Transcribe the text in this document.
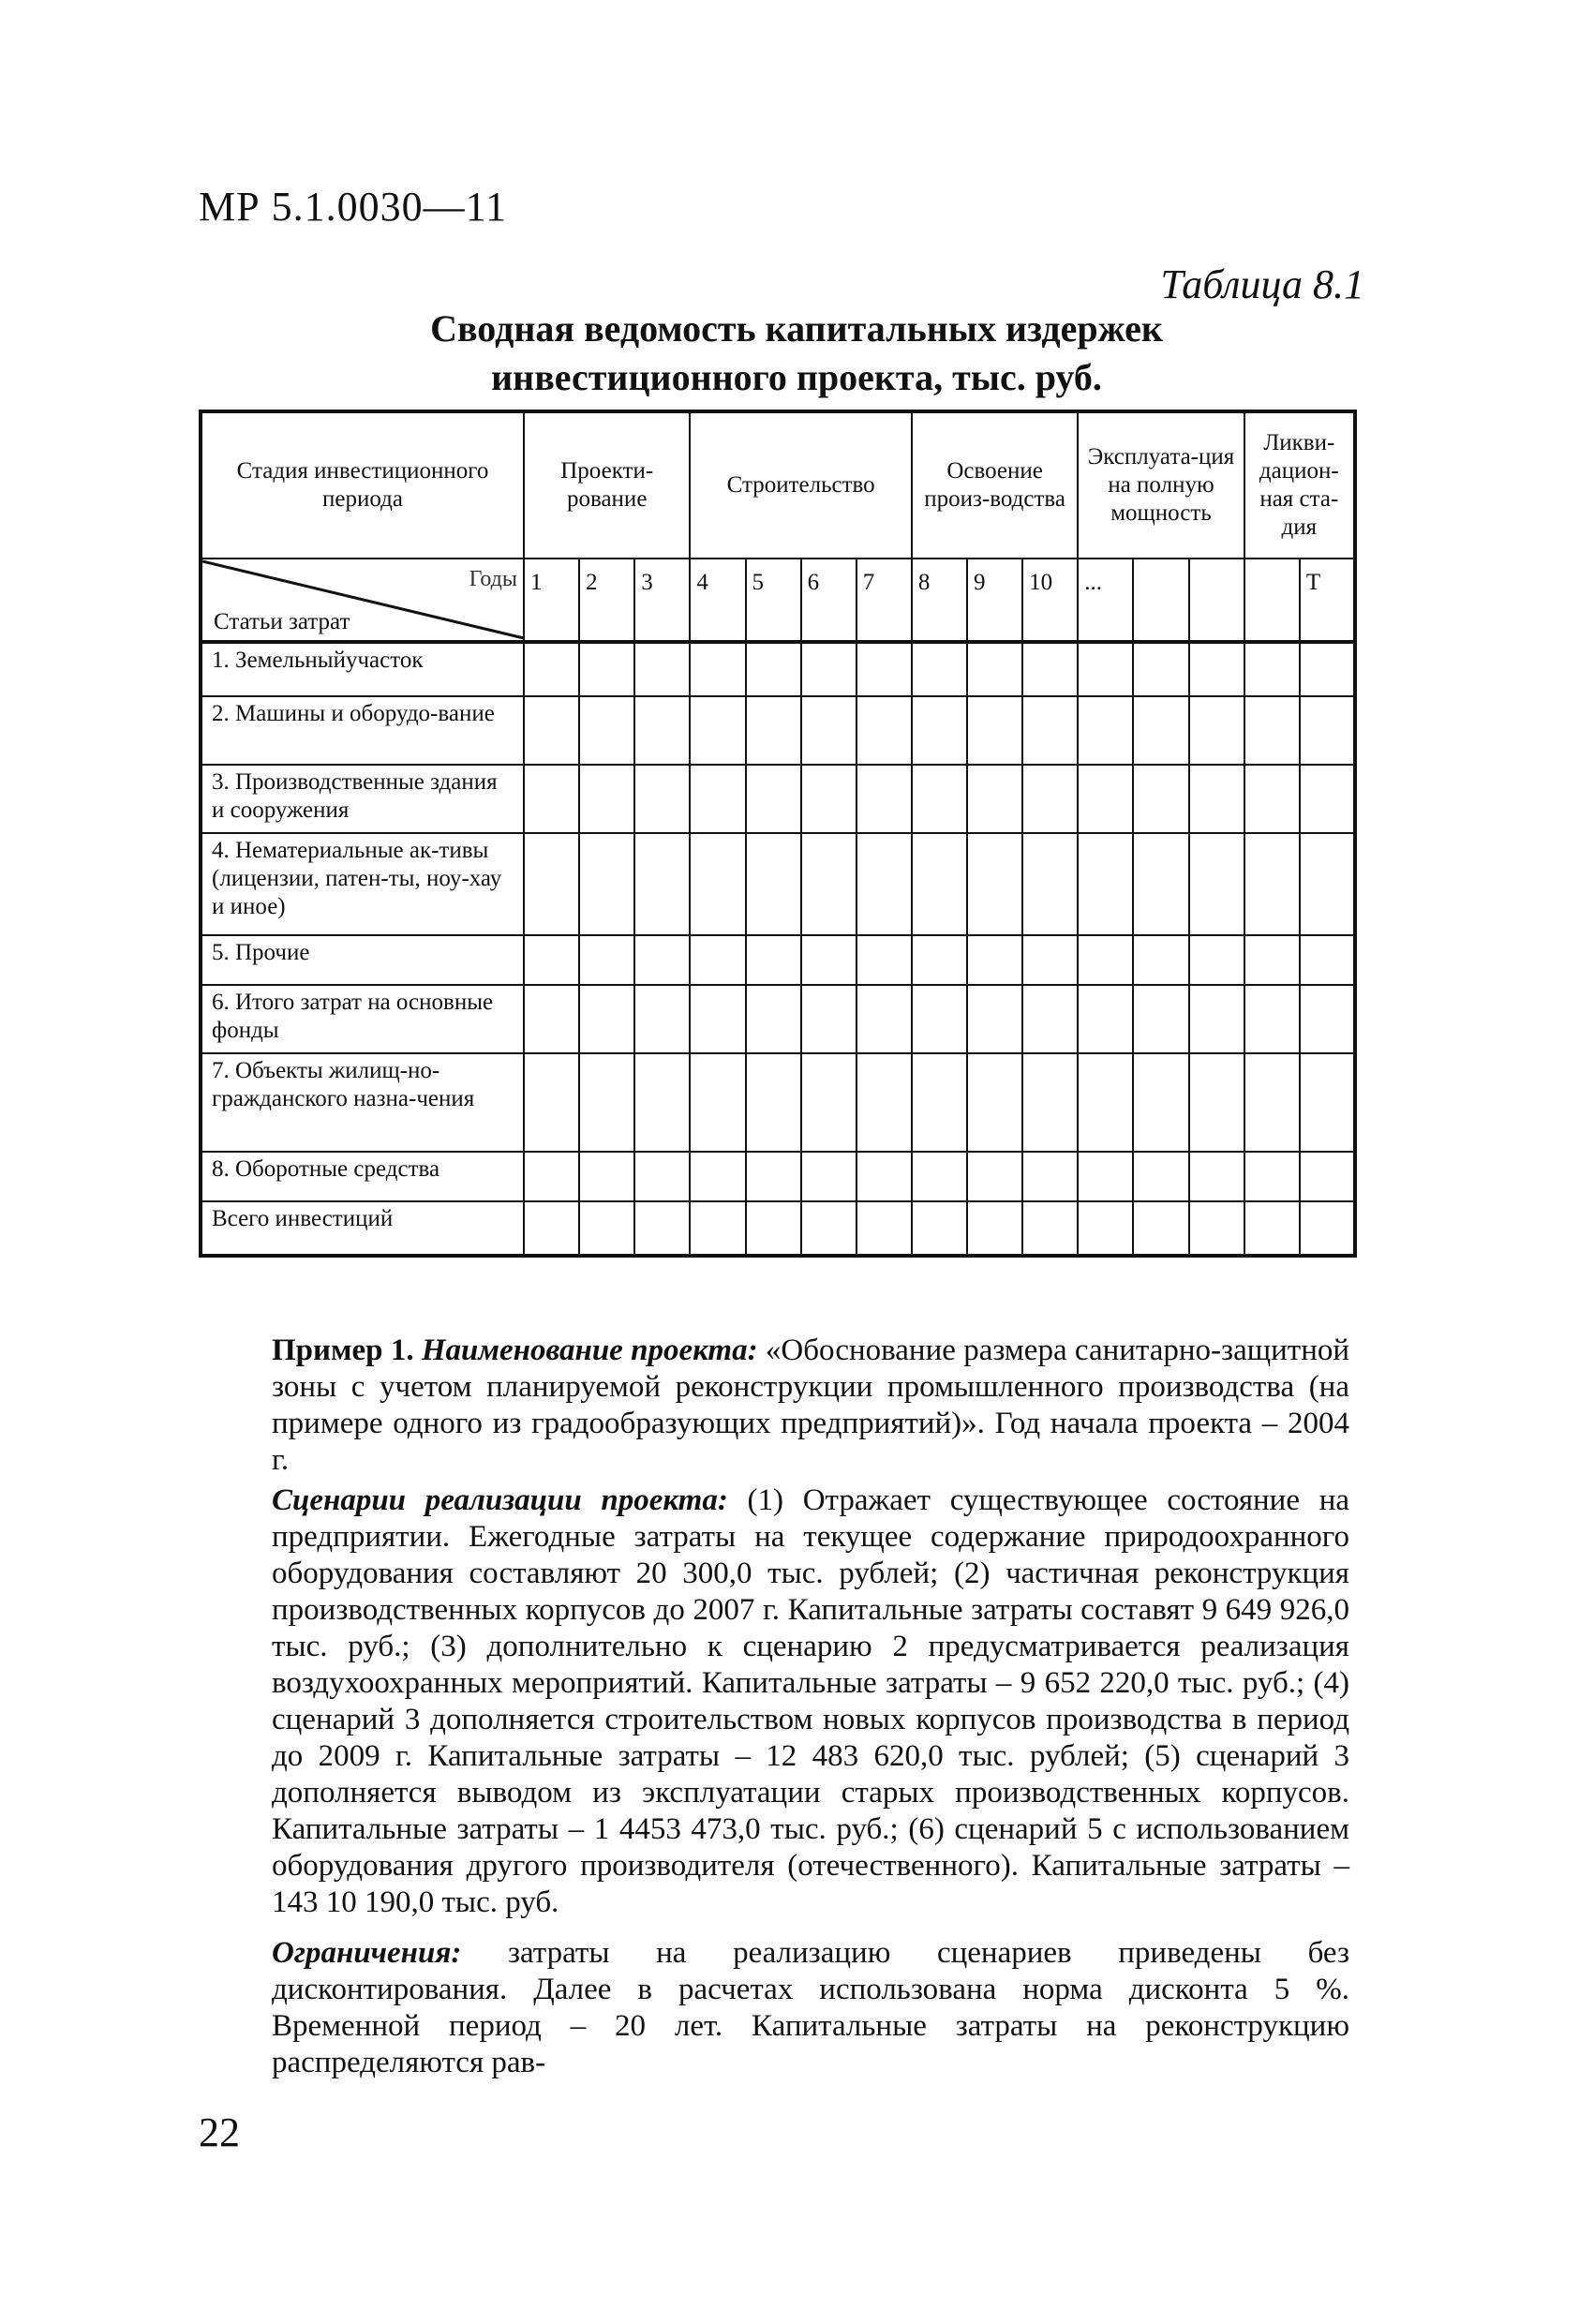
МР 5.1.0030—11
Таблица 8.1
Сводная ведомость капитальных издержек
инвестиционного проекта, тыс. руб.
Стадия инвестиционного периода	Проекти-рование			Строительство				Освоение произ-водства			Эксплуата-ция на полную мощность			Ликви-дацион-ная ста-дия	

Годы
Статьи затрат	1	2	3	4	5	6	7	8	9	10	...				T
1. Земельныйучасток															
2. Машины и оборудо-вание															
3. Производственные здания и сооружения															
4. Нематериальные ак-тивы (лицензии, патен-ты, ноу-хау и иное)															
5. Прочие															
6. Итого затрат на основные фонды															
7. Объекты жилищ-но-гражданского назна-чения															
8. Оборотные средства															
Всего инвестиций															

Пример 1. Наименование проекта: «Обоснование размера санитарно-защитной зоны с учетом планируемой реконструкции промышленного производства (на примере одного из градообразующих предприятий)». Год начала проекта – 2004 г.

Сценарии реализации проекта: (1) Отражает существующее состояние на предприятии. Ежегодные затраты на текущее содержание природоохранного оборудования составляют 20 300,0 тыс. рублей; (2) частичная реконструкция производственных корпусов до 2007 г. Капитальные затраты составят 9 649 926,0 тыс. руб.; (3) дополнительно к сценарию 2 предусматривается реализация воздухоохранных мероприятий. Капитальные затраты – 9 652 220,0 тыс. руб.; (4) сценарий 3 дополняется строительством новых корпусов производства в период до 2009 г. Капитальные затраты – 12 483 620,0 тыс. рублей; (5) сценарий 3 дополняется выводом из эксплуатации старых производственных корпусов. Капитальные затраты – 1 4453 473,0 тыс. руб.; (6) сценарий 5 с использованием оборудования другого производителя (отечественного). Капитальные затраты – 143 10 190,0 тыс. руб.

Ограничения: затраты на реализацию сценариев приведены без дисконтирования. Далее в расчетах использована норма дисконта 5 %. Временной период – 20 лет. Капитальные затраты на реконструкцию распределяются рав-

22
